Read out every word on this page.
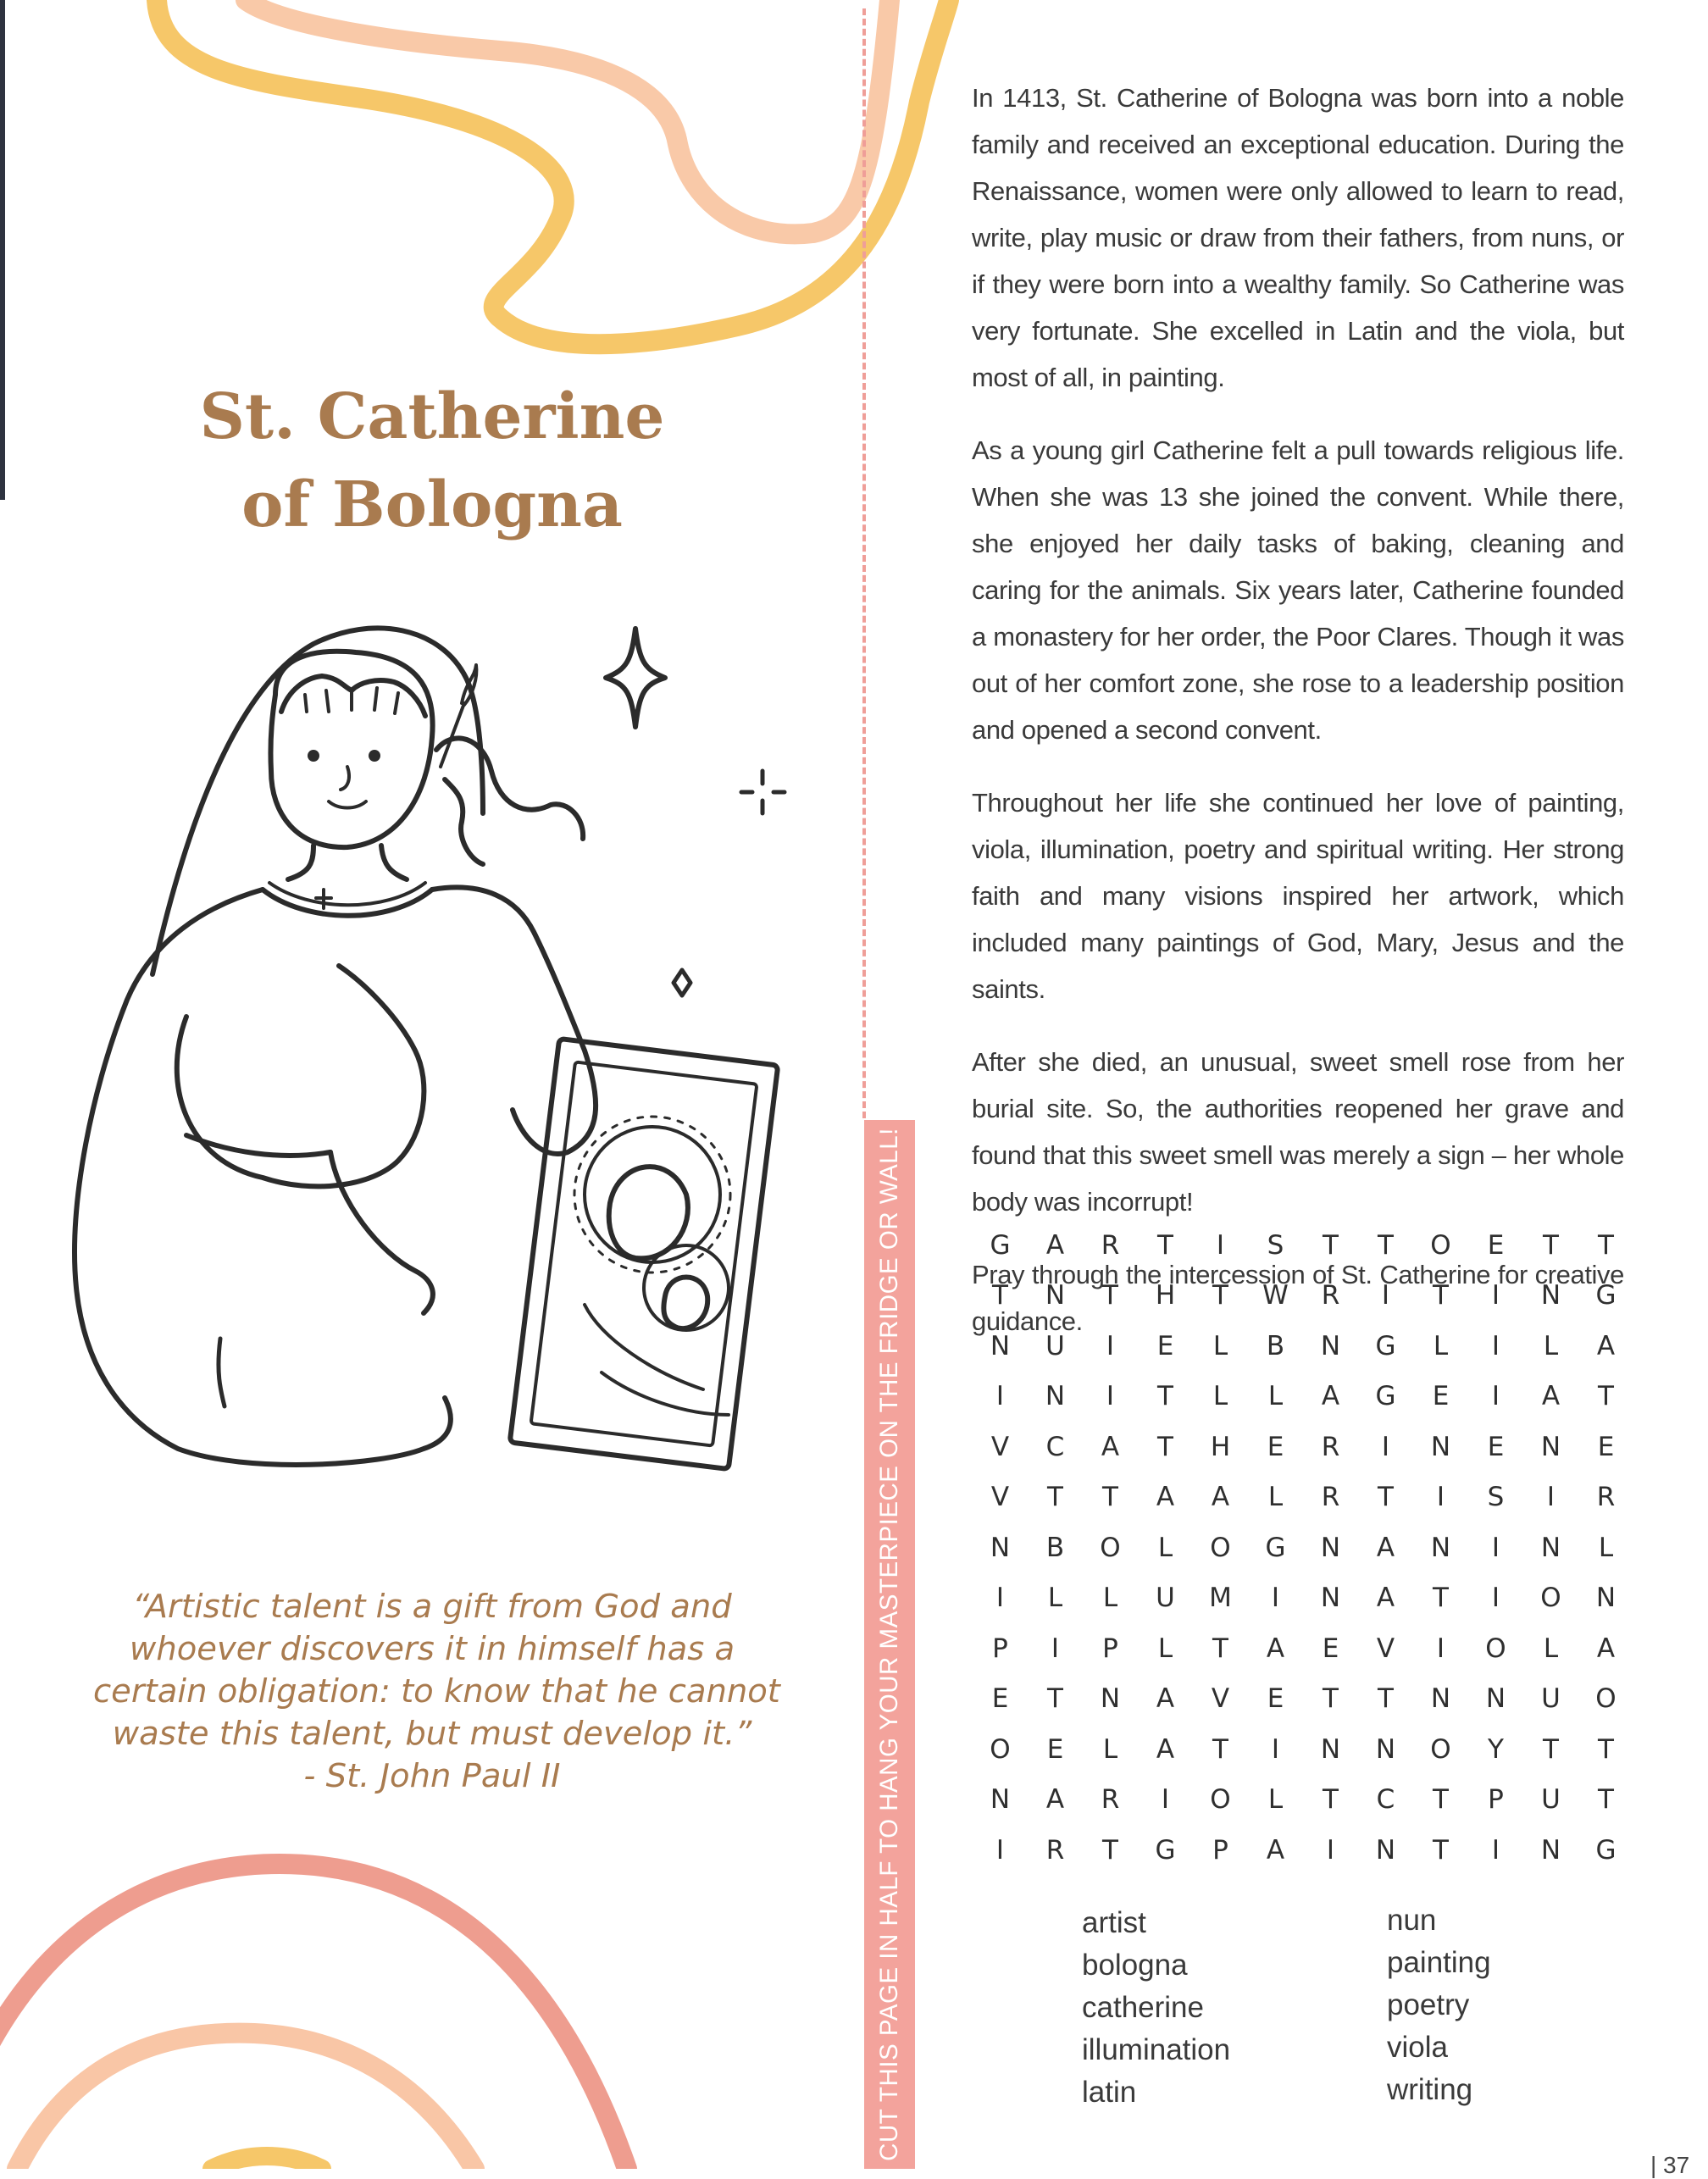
St. Catherine
of Bologna
“Artistic talent is a gift from God and
whoever discovers it in himself has a
certain obligation: to know that he cannot
waste this talent, but must develop it.”
- St. John Paul II	CUT THIS PAGE IN HALF TO HANG YOUR MASTERPIECE ON THE FRIDGE OR WALL!

In 1413, St. Catherine of Bologna was born into a noble family and received an exceptional education. During the Renaissance, women were only allowed to learn to read, write, play music or draw from their fathers, from nuns, or if they were born into a wealthy family. So Catherine was very fortunate. She excelled in Latin and the viola, but most of all, in painting.

As a young girl Catherine felt a pull towards religious life. When she was 13 she joined the convent. While there, she enjoyed her daily tasks of baking, cleaning and caring for the animals. Six years later, Catherine founded a monastery for her order, the Poor Clares. Though it was out of her comfort zone, she rose to a leadership position and opened a second convent.

Throughout her life she continued her love of painting, viola, illumination, poetry and spiritual writing. Her strong faith and many visions inspired her artwork, which included many paintings of God, Mary, Jesus and the saints.

After she died, an unusual, sweet smell rose from her burial site. So, the authorities reopened her grave and found that this sweet smell was merely a sign – her whole body was incorrupt!

Pray through the intercession of St. Catherine for creative guidance.

G	A	R	T	I	S	T	T	O	E	T	T
T	N	T	H	T	W	R	I	T	I	N	G
N	U	I	E	L	B	N	G	L	I	L	A
I	N	I	T	L	L	A	G	E	I	A	T
V	C	A	T	H	E	R	I	N	E	N	E
V	T	T	A	A	L	R	T	I	S	I	R
N	B	O	L	O	G	N	A	N	I	N	L
I	L	L	U	M	I	N	A	T	I	O	N
P	I	P	L	T	A	E	V	I	O	L	A
E	T	N	A	V	E	T	T	N	N	U	O
O	E	L	A	T	I	N	N	O	Y	T	T
N	A	R	I	O	L	T	C	T	P	U	T
I	R	T	G	P	A	I	N	T	I	N	G
artist
bologna
catherine
illumination
latin
nun
painting
poetry
viola
writing
| 37
